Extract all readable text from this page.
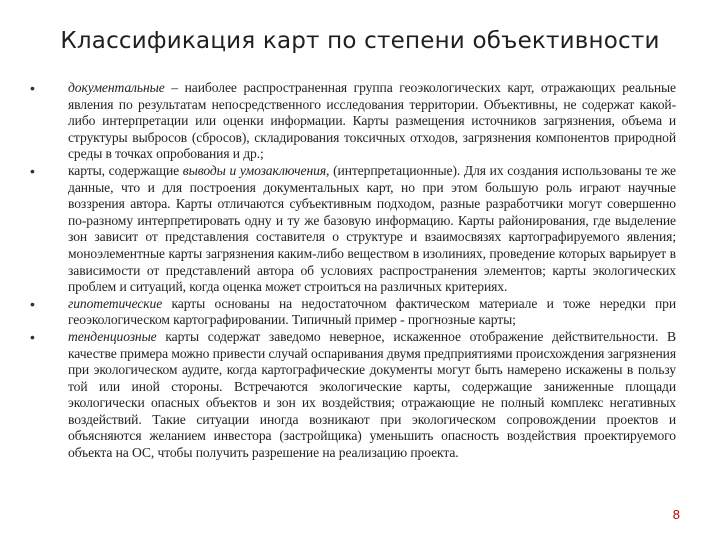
Классификация карт по степени объективности
• документальные – наиболее распространенная группа геоэкологических карт, отражающих реальные явления по результатам непосредственного исследования территории. Объективны, не содержат какой-либо интерпретации или оценки информации. Карты размещения источников загрязнения, объема и структуры выбросов (сбросов), складирования токсичных отходов, загрязнения компонентов природной среды в точках опробования и др.;
• карты, содержащие выводы и умозаключения, (интерпретационные). Для их создания использованы те же данные, что и для построения документальных карт, но при этом большую роль играют научные воззрения автора. Карты отличаются субъективным подходом, разные разработчики могут совершенно по-разному интерпретировать одну и ту же базовую информацию. Карты районирования, где выделение зон зависит от представления составителя о структуре и взаимосвязях картографируемого явления; моноэлементные карты загрязнения каким-либо веществом в изолиниях, проведение которых варьирует в зависимости от представлений автора об условиях распространения элементов; карты экологических проблем и ситуаций, когда оценка может строиться на различных критериях.
• гипотетические карты основаны на недостаточном фактическом материале и тоже нередки при геоэкологическом картографировании. Типичный пример - прогнозные карты;
• тенденциозные карты содержат заведомо неверное, искаженное отображение действительности. В качестве примера можно привести случай оспаривания двумя предприятиями происхождения загрязнения при экологическом аудите, когда картографические документы могут быть намерено искажены в пользу той или иной стороны. Встречаются экологические карты, содержащие заниженные площади экологически опасных объектов и зон их воздействия; отражающие не полный комплекс негативных воздействий. Такие ситуации иногда возникают при экологическом сопровождении проектов и объясняются желанием инвестора (застройщика) уменьшить опасность воздействия проектируемого объекта на ОС, чтобы получить разрешение на реализацию проекта.
8
